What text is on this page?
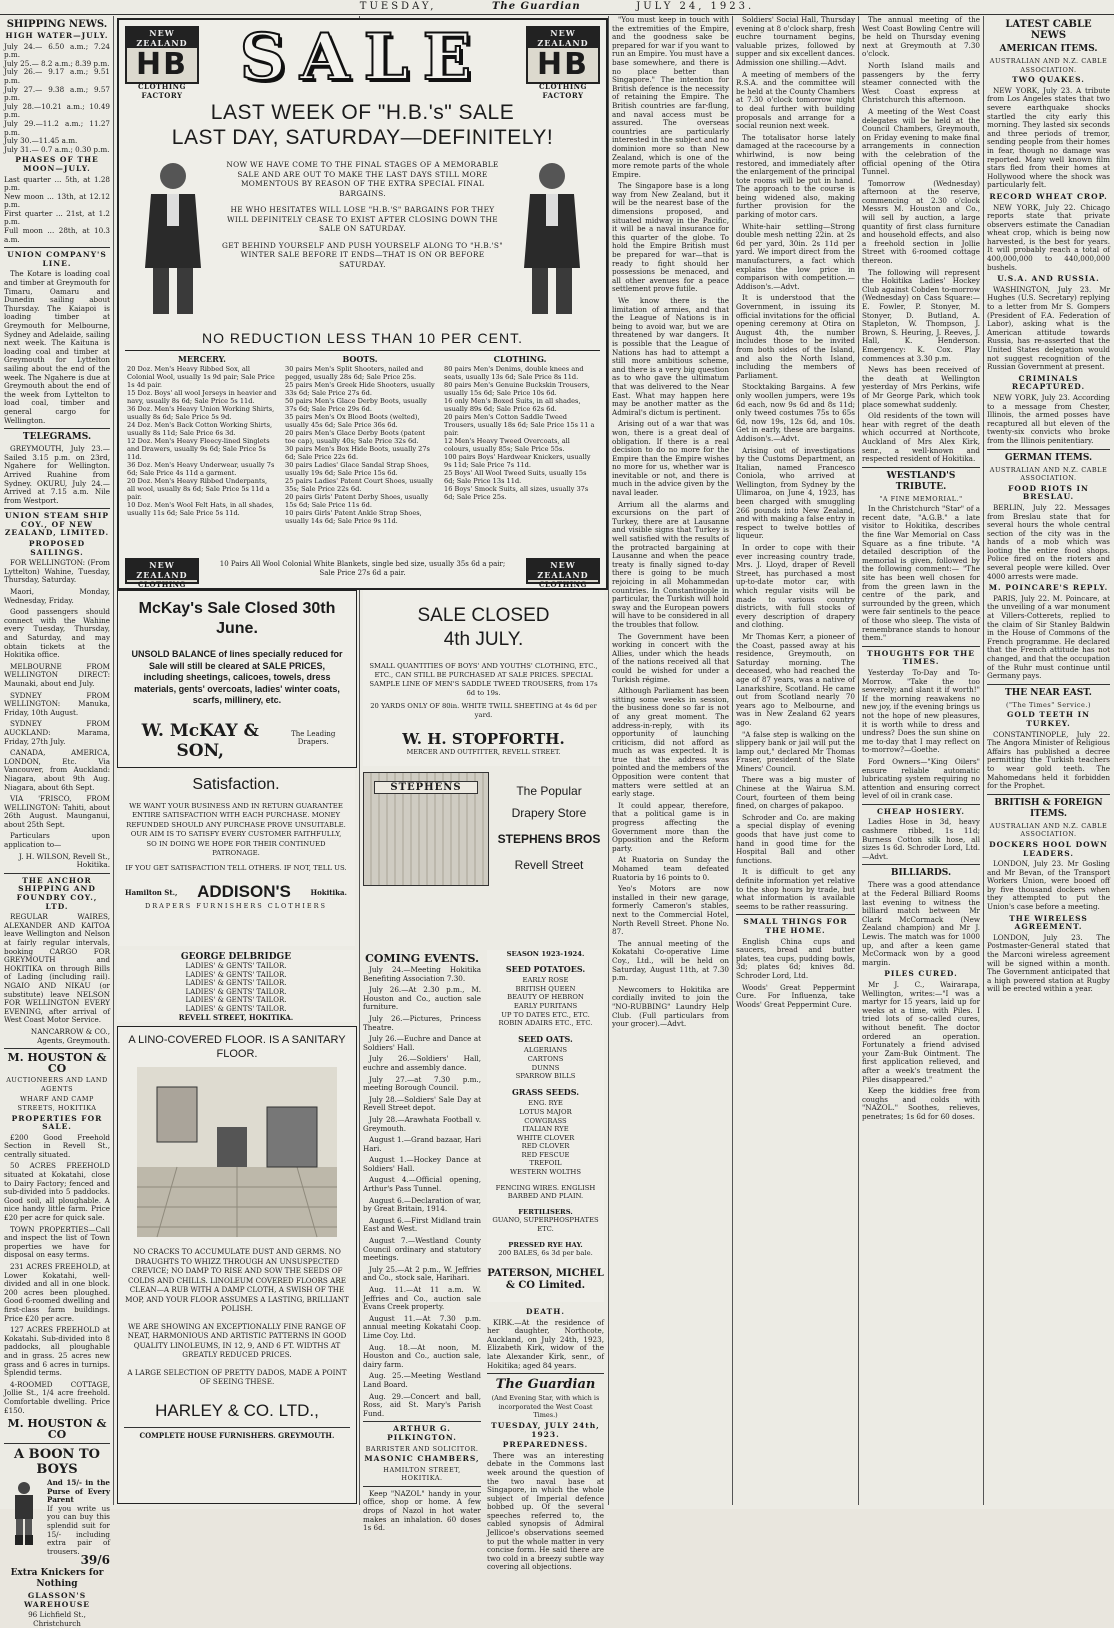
TUESDAY,	The Guardian	JULY 24, 1923.
SHIPPING NEWS.
HIGH WATER—JULY.
July 24.— 6.50 a.m.; 7.24 p.m.
July 25.— 8.2 a.m.; 8.39 p.m.
July 26.— 9.17 a.m.; 9.51 p.m.
July 27.— 9.38 a.m.; 9.57 p.m.
July 28.—10.21 a.m.; 10.49 p.m.
July 29.—11.2 a.m.; 11.27 p.m.
July 30.—11.45 a.m.
July 31.— 0.7 a.m.; 0.30 p.m.
PHASES OF THE MOON—JULY.
Last quarter ... 5th, at 1.28 p.m.
New moon ... 13th, at 12.12 p.m.
First quarter ... 21st, at 1.2 p.m.
Full moon ... 28th, at 10.3 a.m.
UNION COMPANY'S LINE.

The Kotare is loading coal and timber at Greymouth for Timaru, Oamaru and Dunedin sailing about Thursday. The Kaiapoi is loading timber at Greymouth for Melbourne, Sydney and Adelaide, sailing next week. The Kaituna is loading coal and timber at Greymouth for Lyttelton sailing about the end of the week. The Ngahere is due at Greymouth about the end of the week from Lyttelton to load coal, timber and general cargo for Wellington.

TELEGRAMS.

GREYMOUTH, July 23.—Sailed 3.15 p.m. on 23rd, Ngahere for Wellington. Arrived Ruahine from Sydney. OKURU, July 24.—Arrived at 7.15 a.m. Nile from Westport.

UNION STEAM SHIP COY., OF NEW ZEALAND, LIMITED.
PROPOSED SAILINGS.

FOR WELLINGTON: (From Lyttelton) Wahine, Tuesday, Thursday, Saturday.

Maori, Monday, Wednesday, Friday.

Good passengers should connect with the Wahine every Tuesday, Thursday, and Saturday, and may obtain tickets at the Hokitika office.

MELBOURNE FROM WELLINGTON DIRECT: Maunaki, about end July.

SYDNEY FROM WELLINGTON: Manuka, Friday, 10th August.

SYDNEY FROM AUCKLAND: Marama, Friday, 27th July.

CANADA, AMERICA, LONDON, Etc. Via Vancouver, from Auckland: Niagara, about 9th Aug. Niagara, about 6th Sept.

VIA 'FRISCO, FROM WELLINGTON: Tahiti, about 26th August. Maunganui, about 25th Sept.

Particulars upon application to—

J. H. WILSON, Revell St., Hokitika.
THE ANCHOR SHIPPING AND FOUNDRY COY., LTD.

REGULAR WAIRES, ALEXANDER AND KAITOA leave Wellington and Nelson at fairly regular intervals, booking CARGO FOR GREYMOUTH and HOKITIKA on through Bills of Lading (including rail). NGAIO AND NIKAU (or substitute) leave NELSON FOR WELLINGTON EVERY EVENING, after arrival of West Coast Motor Service.

NANCARROW & CO., Agents, Greymouth.
M. HOUSTON & CO
AUCTIONEERS AND LAND AGENTS
WHARF AND CAMP STREETS, HOKITIKA
PROPERTIES FOR SALE.

£200 Good Freehold Section in Revell St., centrally situated.

50 ACRES FREEHOLD situated at Kokatahi, close to Dairy Factory; fenced and sub-divided into 5 paddocks. Good soil, all ploughable. A nice handy little farm. Price £20 per acre for quick sale.

TOWN PROPERTIES—Call and inspect the list of Town properties we have for disposal on easy terms.

231 ACRES FREEHOLD, at Lower Kokatahi, well-divided and all in one block. 200 acres been ploughed. Good 6-roomed dwelling and first-class farm buildings. Price £20 per acre.

127 ACRES FREEHOLD at Kokatahi. Sub-divided into 8 paddocks, all ploughable and in grass. 25 acres new grass and 6 acres in turnips. Splendid terms.

4-ROOMED COTTAGE, Jollie St., 1/4 acre freehold. Comfortable dwelling. Price £150.

M. HOUSTON & CO
A BOON TO BOYS
And 15/- in the Purse of Every Parent
If you write us you can buy this splendid suit for 15/- including extra pair of trousers.
39/6
Extra Knickers for Nothing
GLASSON'S WAREHOUSE
96 Lichfield St., Christchurch
NEW ZEALAND
HB
CLOTHING FACTORY
NEW ZEALAND
HB
CLOTHING FACTORY
SALE
LAST WEEK OF "H.B.'s" SALE
LAST DAY, SATURDAY—DEFINITELY!

NOW WE HAVE COME TO THE FINAL STAGES OF A MEMORABLE SALE AND ARE OUT TO MAKE THE LAST DAYS STILL MORE MOMENTOUS BY REASON OF THE EXTRA SPECIAL FINAL BARGAINS.

HE WHO HESITATES WILL LOSE "H.B.'S" BARGAINS FOR THEY WILL DEFINITELY CEASE TO EXIST AFTER CLOSING DOWN THE SALE ON SATURDAY.

GET BEHIND YOURSELF AND PUSH YOURSELF ALONG TO "H.B.'S" WINTER SALE BEFORE IT ENDS—THAT IS ON OR BEFORE SATURDAY.

NO REDUCTION LESS THAN 10 PER CENT.
MERCERY.
20 Doz. Men's Heavy Ribbed Sox, all Colonial Wool, usually 1s 9d pair; Sale Price 1s 4d pair.
15 Doz. Boys' all wool Jerseys in heavier and navy, usually 8s 6d; Sale Price 5s 11d.
36 Doz. Men's Heavy Union Working Shirts, usually 8s 6d; Sale Price 5s 9d.
24 Doz. Men's Back Cotton Working Shirts, usually 8s 11d; Sale Price 6s 3d.
12 Doz. Men's Heavy Fleecy-lined Singlets and Drawers, usually 9s 6d; Sale Price 5s 11d.
36 Doz. Men's Heavy Underwear, usually 7s 6d; Sale Price 4s 11d a garment.
20 Doz. Men's Heavy Ribbed Underpants, all wool, usually 8s 6d; Sale Price 5s 11d a pair.
10 Doz. Men's Wool Felt Hats, in all shades, usually 11s 6d; Sale Price 5s 11d.
BOOTS.
30 pairs Men's Split Shooters, nailed and pegged, usually 28s 6d; Sale Price 25s.
25 pairs Men's Greek Hide Shooters, usually 33s 6d; Sale Price 27s 6d.
50 pairs Men's Glace Derby Boots, usually 37s 6d; Sale Price 29s 6d.
35 pairs Men's Ox Blood Boots (welted), usually 45s 6d; Sale Price 36s 6d.
20 pairs Men's Glace Derby Boots (patent toe cap), usually 40s; Sale Price 32s 6d.
30 pairs Men's Box Hide Boots, usually 27s 6d; Sale Price 22s 6d.
30 pairs Ladies' Glace Sandal Strap Shoes, usually 19s 6d; Sale Price 15s 6d.
25 pairs Ladies' Patent Court Shoes, usually 35s; Sale Price 22s 6d.
20 pairs Girls' Patent Derby Shoes, usually 15s 6d; Sale Price 11s 6d.
10 pairs Girls' Patent Ankle Strap Shoes, usually 14s 6d; Sale Price 9s 11d.
CLOTHING.
80 pairs Men's Denims, double knees and seats, usually 13s 6d; Sale Price 8s 11d.
80 pairs Men's Genuine Buckskin Trousers, usually 15s 6d; Sale Price 10s 6d.
16 only Men's Boxed Suits, in all shades, usually 89s 6d; Sale Price 62s 6d.
20 pairs Men's Cotton Saddle Tweed Trousers, usually 18s 6d; Sale Price 15s 11 a pair.
12 Men's Heavy Tweed Overcoats, all colours, usually 85s; Sale Price 55s.
100 pairs Boys' Hardwear Knickers, usually 9s 11d; Sale Price 7s 11d.
25 Boys' All Wool Tweed Suits, usually 15s 6d; Sale Price 13s 11d.
16 Boys' Smock Suits, all sizes, usually 37s 6d; Sale Price 25s.
10 Pairs All Wool Colonial White Blankets, single bed size, usually 35s 6d a pair; Sale Price 27s 6d a pair.
NEW ZEALAND
CLOTHING
NEW ZEALAND
CLOTHING
McKay's Sale Closed 30th June.
UNSOLD BALANCE of lines specially reduced for Sale will still be cleared at SALE PRICES, including sheetings, calicoes, towels, dress materials, gents' overcoats, ladies' winter coats, scarfs, millinery, etc.
W. McKAY & SON,
The Leading Drapers.
SALE CLOSED
4th JULY.
SMALL QUANTITIES OF BOYS' AND YOUTHS' CLOTHING, ETC., ETC., CAN STILL BE PURCHASED AT SALE PRICES. SPECIAL SAMPLE LINE OF MEN'S SADDLE TWEED TROUSERS, from 17s 6d to 19s.
20 YARDS ONLY OF 80in. WHITE TWILL SHEETING at 4s 6d per yard.
W. H. STOPFORTH.
MERCER AND OUTFITTER, REVELL STREET.
Satisfaction.
WE WANT YOUR BUSINESS AND IN RETURN GUARANTEE ENTIRE SATISFACTION WITH EACH PURCHASE. MONEY REFUNDED SHOULD ANY PURCHASE PROVE UNSUITABLE. OUR AIM IS TO SATISFY EVERY CUSTOMER FAITHFULLY, SO IN DOING WE HOPE FOR THEIR CONTINUED PATRONAGE.
IF YOU GET SATISFACTION TELL OTHERS. IF NOT, TELL US.
Hamilton St., ADDISON'S	Hokitika.
DRAPERS FURNISHERS CLOTHIERS
STEPHENS	The Popular
Drapery Store
STEPHENS BROS
Revell Street
GEORGE DELBRIDGE
LADIES' & GENTS' TAILOR.
LADIES' & GENTS' TAILOR.
LADIES' & GENTS' TAILOR.
LADIES' & GENTS' TAILOR.
LADIES' & GENTS' TAILOR.
LADIES' & GENTS' TAILOR.
REVELL STREET, HOKITIKA.
A LINO-COVERED FLOOR. IS A SANITARY FLOOR.
NO CRACKS TO ACCUMULATE DUST AND GERMS. NO DRAUGHTS TO WHIZZ THROUGH AN UNSUSPECTED CREVICE; NO DAMP TO RISE AND SOW THE SEEDS OF COLDS AND CHILLS. LINOLEUM COVERED FLOORS ARE CLEAN—A RUB WITH A DAMP CLOTH, A SWISH OF THE MOP, AND YOUR FLOOR ASSUMES A LASTING, BRILLIANT POLISH.
WE ARE SHOWING AN EXCEPTIONALLY FINE RANGE OF NEAT, HARMONIOUS AND ARTISTIC PATTERNS IN GOOD QUALITY LINOLEUMS, IN 12, 9, AND 6 FT. WIDTHS AT GREATLY REDUCED PRICES.
A LARGE SELECTION OF PRETTY DADOS, MADE A POINT OF SEEING THESE.
HARLEY & CO. LTD.,
COMPLETE HOUSE FURNISHERS. GREYMOUTH.
COMING EVENTS.

July 24.—Meeting Hokitika Benefiting Association 7.30.

July 26.—At 2.30 p.m., M. Houston and Co., auction sale furniture.

July 26.—Pictures, Princess Theatre.

July 26.—Euchre and Dance at Soldiers' Hall.

July 26.—Soldiers' Hall, euchre and assembly dance.

July 27.—at 7.30 p.m., meeting Borough Council.

July 28.—Soldiers' Sale Day at Revell Street depot.

July 28.—Arawhata Football v. Greymouth.

August 1.—Grand bazaar, Hari Hari.

August 1.—Hockey Dance at Soldiers' Hall.

August 4.—Official opening, Arthur's Pass Tunnel.

August 6.—Declaration of war, by Great Britain, 1914.

August 6.—First Midland train East and West.

August 7.—Westland County Council ordinary and statutory meetings.

July 25.—At 2 p.m., W. Jeffries and Co., stock sale, Harihari.

Aug. 11.—At 11 a.m. W. Jeffries and Co., auction sale Evans Creek property.

August 11.—At 7.30 p.m. annual meeting Kokatahi Coop. Lime Coy. Ltd.

Aug. 18.—At noon, M. Houston and Co., auction sale, dairy farm.

Aug. 25.—Meeting Westland Land Board.

Aug. 29.—Concert and ball, Ross, aid St. Mary's Parish Fund.

ARTHUR G. PILKINGTON.
BARRISTER AND SOLICITOR.
MASONIC CHAMBERS,
HAMILTON STREET, HOKITIKA.

Keep "NAZOL" handy in your office, shop or home. A few drops of Nazol in hot water makes an inhalation. 60 doses 1s 6d.

SEASON 1923-1924.
SEED POTATOES.
EARLY ROSE
BRITISH QUEEN
BEAUTY OF HEBRON
EARLY PURITANS
UP TO DATES ETC., ETC.
ROBIN ADAIRS ETC., ETC.
SEED OATS.
ALGERIANS
CARTONS
DUNNS
SPARROW BILLS
GRASS SEEDS.
ENG. RYE
LOTUS MAJOR
COWGRASS
ITALIAN RYE
WHITE CLOVER
RED CLOVER
RED FESCUE
TREFOIL
WESTERN WOLTHS
FENCING WIRES. ENGLISH BARBED AND PLAIN.
FERTILISERS.
GUANO, SUPERPHOSPHATES ETC.
PRESSED RYE HAY.
200 BALES, 6s 3d per bale.
PATERSON, MICHEL & CO Limited.
DEATH.

KIRK.—At the residence of her daughter, Northcote, Auckland, on July 24th, 1923, Elizabeth Kirk, widow of the late Alexander Kirk, senr., of Hokitika; aged 84 years.

The Guardian
(And Evening Star, with which is incorporated the West Coast Times.)
TUESDAY, JULY 24th, 1923.
PREPAREDNESS.

There was an interesting debate in the Commons last week around the question of the two naval base at Singapore, in which the whole subject of Imperial defence bobbed up. Of the several speeches referred to, the cabled synopsis of Admiral Jellicoe's observations seemed to put the whole matter in very concise form. He said there are two cold in a breezy subtle way covering all objections.

"You must keep in touch with the extremities of the Empire, and the goodness sake be prepared for war if you want to run an Empire. You must have a base somewhere, and there is no place better than Singapore." The intention for British defence is the necessity of retaining the Empire. The British countries are far-flung, and naval access must be assured. The overseas countries are particularly interested in the subject and no dominion more so than New Zealand, which is one of the more remote parts of the whole Empire.

The Singapore base is a long way from New Zealand, but it will be the nearest base of the dimensions proposed, and situated midway in the Pacific, it will be a naval insurance for this quarter of the globe. To hold the Empire British must be prepared for war—that is ready to fight should her possessions be menaced, and all other avenues for a peace settlement prove futile.

We know there is the limitation of armies, and that the League of Nations is in being to avoid war, but we are threatened by war dangers. It is possible that the League of Nations has had to attempt a still more ambitious scheme, and there is a very big question as to who gave the ultimatum that was delivered to the Near East. What may happen here may be another matter as the Admiral's dictum is pertinent.

Arising out of a war that was won, there is a great deal of obligation. If there is a real decision to do no more for the Empire than the Empire wishes no more for us, whether war is inevitable or not, and there is much in the advice given by the naval leader.

Arrium all the alarms and excursions on the part of Turkey, there are at Lausanne and visible signs that Turkey is well satisfied with the results of the protracted bargaining at Lausanne and when the peace treaty is finally signed to-day there is going to be much rejoicing in all Mohammedan countries. In Constantinople in particular, the Turkish will hold sway and the European powers will have to be considered in all the troubles that follow.

The Government have been working in concert with the Allies, under which the heads of the nations received all that could be wished for under a Turkish régime.

Although Parliament has been sitting some weeks in session, the business done so far is not of any great moment. The address-in-reply, with its opportunity of launching criticism, did not afford as much as was expected. It is true that the address was pointed and the members of the Opposition were content that matters were settled at an early stage.

It could appear, therefore, that a political game is in progress affecting the Government more than the Opposition and the Reform party.

At Ruatoria on Sunday the Mohamed team defeated Ruatoria by 16 points to 0.

Yeo's Motors are now installed in their new garage, formerly Cameron's stables, next to the Commercial Hotel, North Revell Street. Phone No. 87.

The annual meeting of the Kokatahi Co-operative Lime Coy., Ltd., will be held on Saturday, August 11th, at 7.30 p.m.

Newcomers to Hokitika are cordially invited to join the "NO-RUBBING" Laundry Help Club. (Full particulars from your grocer).—Advt.

Soldiers' Social Hall, Thursday evening at 8 o'clock sharp, fresh euchre tournament begins, valuable prizes, followed by supper and six excellent dances. Admission one shilling.—Advt.

A meeting of members of the R.S.A. and the committee will be held at the County Chambers at 7.30 o'clock tomorrow night to deal further with building proposals and arrange for a social reunion next week.

The totalisator horse lately damaged at the racecourse by a whirlwind, is now being restored, and immediately after the enlargement of the principal tote rooms will be put in hand. The approach to the course is being widened also, making further provision for the parking of motor cars.

White-hair settling—Strong double mesh netting 22in. at 2s 6d per yard, 30in. 2s 11d per yard. We import direct from the manufacturers, a fact which explains the low price in comparison with competition.—Addison's.—Advt.

It is understood that the Government, in issuing its official invitations for the official opening ceremony at Otira on August 4th, the number includes those to be invited from both sides of the Island, and also the North Island, including the members of Parliament.

Stocktaking Bargains. A few only woollen jumpers, were 19s 6d each, now 9s 6d and 8s 11d; only tweed costumes 75s to 65s 6d, now 19s, 12s 6d, and 10s. Get in early, these are bargains. Addison's.—Advt.

Arising out of investigations by the Customs Department, an Italian, named Francesco Coniola, who arrived at Wellington, from Sydney by the Ulimaroa, on June 4, 1923, has been charged with smuggling 266 pounds into New Zealand, and with making a false entry in respect to twelve bottles of liqueur.

In order to cope with their ever increasing country trade, Mrs. J. Lloyd, draper of Revell Street, has purchased a most up-to-date motor car, with which regular visits will be made to various country districts, with full stocks of every description of drapery and clothing.

Mr Thomas Kerr, a pioneer of the Coast, passed away at his residence, Greymouth, on Saturday morning. The deceased, who had reached the age of 87 years, was a native of Lanarkshire, Scotland. He came out from Scotland nearly 70 years ago to Melbourne, and was in New Zealand 62 years ago.

"A false step is walking on the slippery bank or jail will put the lamp out," declared Mr Thomas Fraser, president of the Slate Miners' Council.

There was a big muster of Chinese at the Wairua S.M. Court, fourteen of them being fined, on charges of pakapoo.

Schroder and Co. are making a special display of evening goods that have just come to hand in good time for the Hospital Ball and other functions.

It is difficult to get any definite information yet relative to the shop hours by trade, but what information is available seems to be rather reassuring.

SMALL THINGS FOR THE HOME.

English China cups and saucers, bread and butter plates, tea cups, pudding bowls, 3d; plates 6d; knives 8d. Schroder Lord, Ltd.

Woods' Great Peppermint Cure. For Influenza, take Woods' Great Peppermint Cure.

The annual meeting of the West Coast Bowling Centre will be held on Thursday evening next at Greymouth at 7.30 o'clock.

North Island mails and passengers by the ferry steamer connected with the West Coast express at Christchurch this afternoon.

A meeting of the West Coast delegates will be held at the Council Chambers, Greymouth, on Friday evening to make final arrangements in connection with the celebration of the official opening of the Otira Tunnel.

Tomorrow (Wednesday) afternoon at the reserve, commencing at 2.30 o'clock Messrs M. Houston and Co., will sell by auction, a large quantity of first class furniture and household effects, and also a freehold section in Jollie Street with 6-roomed cottage thereon.

The following will represent the Hokitika Ladies' Hockey Club against Cobden to-morrow (Wednesday) on Cass Square:—E. Fowler, P. Stonyer, M. Stonyer, D. Butland, A. Stapleton, W. Thompson, J. Brown, S. Heuring, J. Reeves, J. Hall, K. Henderson. Emergency: K. Cox. Play commences at 3.30 p.m.

News has been received of the death at Wellington yesterday of Mrs Perkins, wife of Mr George Park, which took place somewhat suddenly.

Old residents of the town will hear with regret of the death which occurred at Northcote, Auckland of Mrs Alex Kirk, senr., a well-known and respected resident of Hokitika.

WESTLAND'S TRIBUTE.
"A FINE MEMORIAL."

In the Christchurch "Star" of a recent date, "A.G.B." a late visitor to Hokitika, describes the fine War Memorial on Cass Square as a fine tribute. "A detailed description of the memorial is given, followed by the following comment:— "The site has been well chosen for from the green lawn in the centre of the park, and surrounded by the green, which were fair sentinels to the peace of those who sleep. The vista of remembrance stands to honour them."

THOUGHTS FOR THE TIMES.

Yesterday To-Day and To-Morrow. "Take the too sewerely; and slant it if worth!" If the morning reawakens no new joy, if the evening brings us not the hope of new pleasures, it is worth while to dress and undress? Does the sun shine on me to-day that I may reflect on to-morrow?—Goethe.

Ford Owners—"King Oilers" ensure reliable automatic lubricating system requiring no attention and ensuring correct level of oil in crank case.

CHEAP HOSIERY.

Ladies Hose in 3d, heavy cashmere ribbed, 1s 11d; Burness Cotton silk hose, all sizes 1s 6d. Schroder Lord, Ltd.—Advt.

BILLIARDS.

There was a good attendance at the Federal Billiard Rooms last evening to witness the billiard match between Mr Clark McCormack (New Zealand champion) and Mr J. Lewis. The match was for 1000 up, and after a keen game McCormack won by a good margin.

PILES CURED.

Mr J. C., Wairarapa, Wellington, writes:—"I was a martyr for 15 years, laid up for weeks at a time, with Piles. I tried lots of so-called cures, without benefit. The doctor ordered an operation. Fortunately a friend advised your Zam-Buk Ointment. The first application relieved, and after a week's treatment the Piles disappeared."

Keep the kiddies free from coughs and colds with "NAZOL." Soothes, relieves, penetrates; 1s 6d for 60 doses.

LATEST CABLE NEWS
AMERICAN ITEMS.
AUSTRALIAN AND N.Z. CABLE ASSOCIATION.
TWO QUAKES.

NEW YORK, July 23. A tribute from Los Angeles states that two severe earthquake shocks startled the city early this morning. They lasted six seconds and three periods of tremor, sending people from their homes in fear, though no damage was reported. Many well known film stars fled from their homes at Hollywood where the shock was particularly felt.

RECORD WHEAT CROP.

NEW YORK, July 22. Chicago reports state that private observers estimate the Canadian wheat crop, which is being now harvested, is the best for years. It will probably reach a total of 400,000,000 to 440,000,000 bushels.

U.S.A. AND RUSSIA.

WASHINGTON, July 23. Mr Hughes (U.S. Secretary) replying to a letter from Mr S. Gompers (President of F.A. Federation of Labor), asking what is the American attitude towards Russia, has re-asserted that the United States delegation would not suggest recognition of the Russian Government at present.

CRIMINALS RECAPTURED.

NEW YORK, July 23. According to a message from Chester, Illinois, the armed posses have recaptured all but eleven of the twenty-six convicts who broke from the Illinois penitentiary.

GERMAN ITEMS.
AUSTRALIAN AND N.Z. CABLE ASSOCIATION.
FOOD RIOTS IN BRESLAU.

BERLIN, July 22. Messages from Breslau state that for several hours the whole central section of the city was in the hands of a mob which was looting the entire food shops. Police fired on the rioters and several people were killed. Over 4000 arrests were made.

M. POINCARE'S REPLY.

PARIS, July 22. M. Poincare, at the unveiling of a war monument at Villers-Cotterets, replied to the claim of Sir Stanley Baldwin in the House of Commons of the French programme. He declared that the French attitude has not changed, and that the occupation of the Ruhr must continue until Germany pays.

THE NEAR EAST.
("The Times" Service.)
GOLD TEETH IN TURKEY.

CONSTANTINOPLE, July 22. The Angora Minister of Religious Affairs has published a decree permitting the Turkish teachers to wear gold teeth. The Mahomedans held it forbidden for the Prophet.

BRITISH & FOREIGN ITEMS.
AUSTRALIAN AND N.Z. CABLE ASSOCIATION.
DOCKERS HOOL DOWN LEADERS.

LONDON, July 23. Mr Gosling and Mr Bevan, of the Transport Workers Union, were booed off by five thousand dockers when they attempted to put the Union's case before a meeting.

THE WIRELESS AGREEMENT.

LONDON, July 23. The Postmaster-General stated that the Marconi wireless agreement will be signed within a month. The Government anticipated that a high powered station at Rugby will be erected within a year.
